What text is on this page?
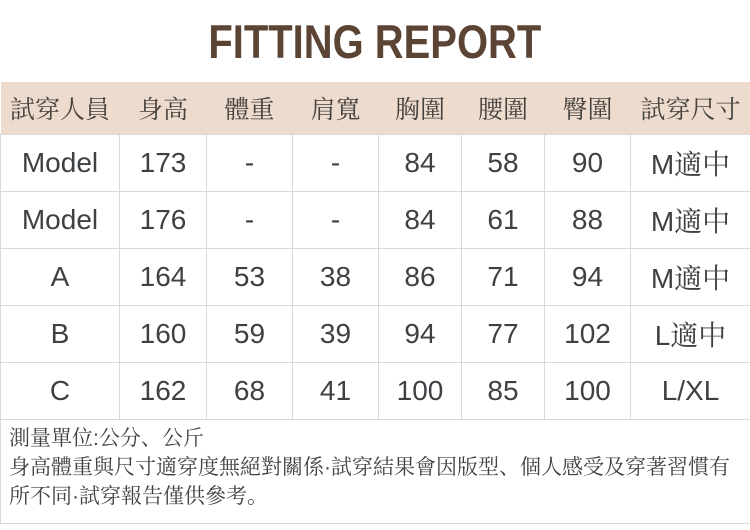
FITTING REPORT
試穿人員	身高	體重	肩寬	胸圍	腰圍	臀圍	試穿尺寸
Model	173	-	-	84	58	90	M適中
Model	176	-	-	84	61	88	M適中
A	164	53	38	86	71	94	M適中
B	160	59	39	94	77	102	L適中
C	162	68	41	100	85	100	L/XL

測量單位:公分、公斤
身高體重與尺寸適穿度無絕對關係·試穿結果會因版型、個人感受及穿著習慣有所不同·試穿報告僅供參考。							
